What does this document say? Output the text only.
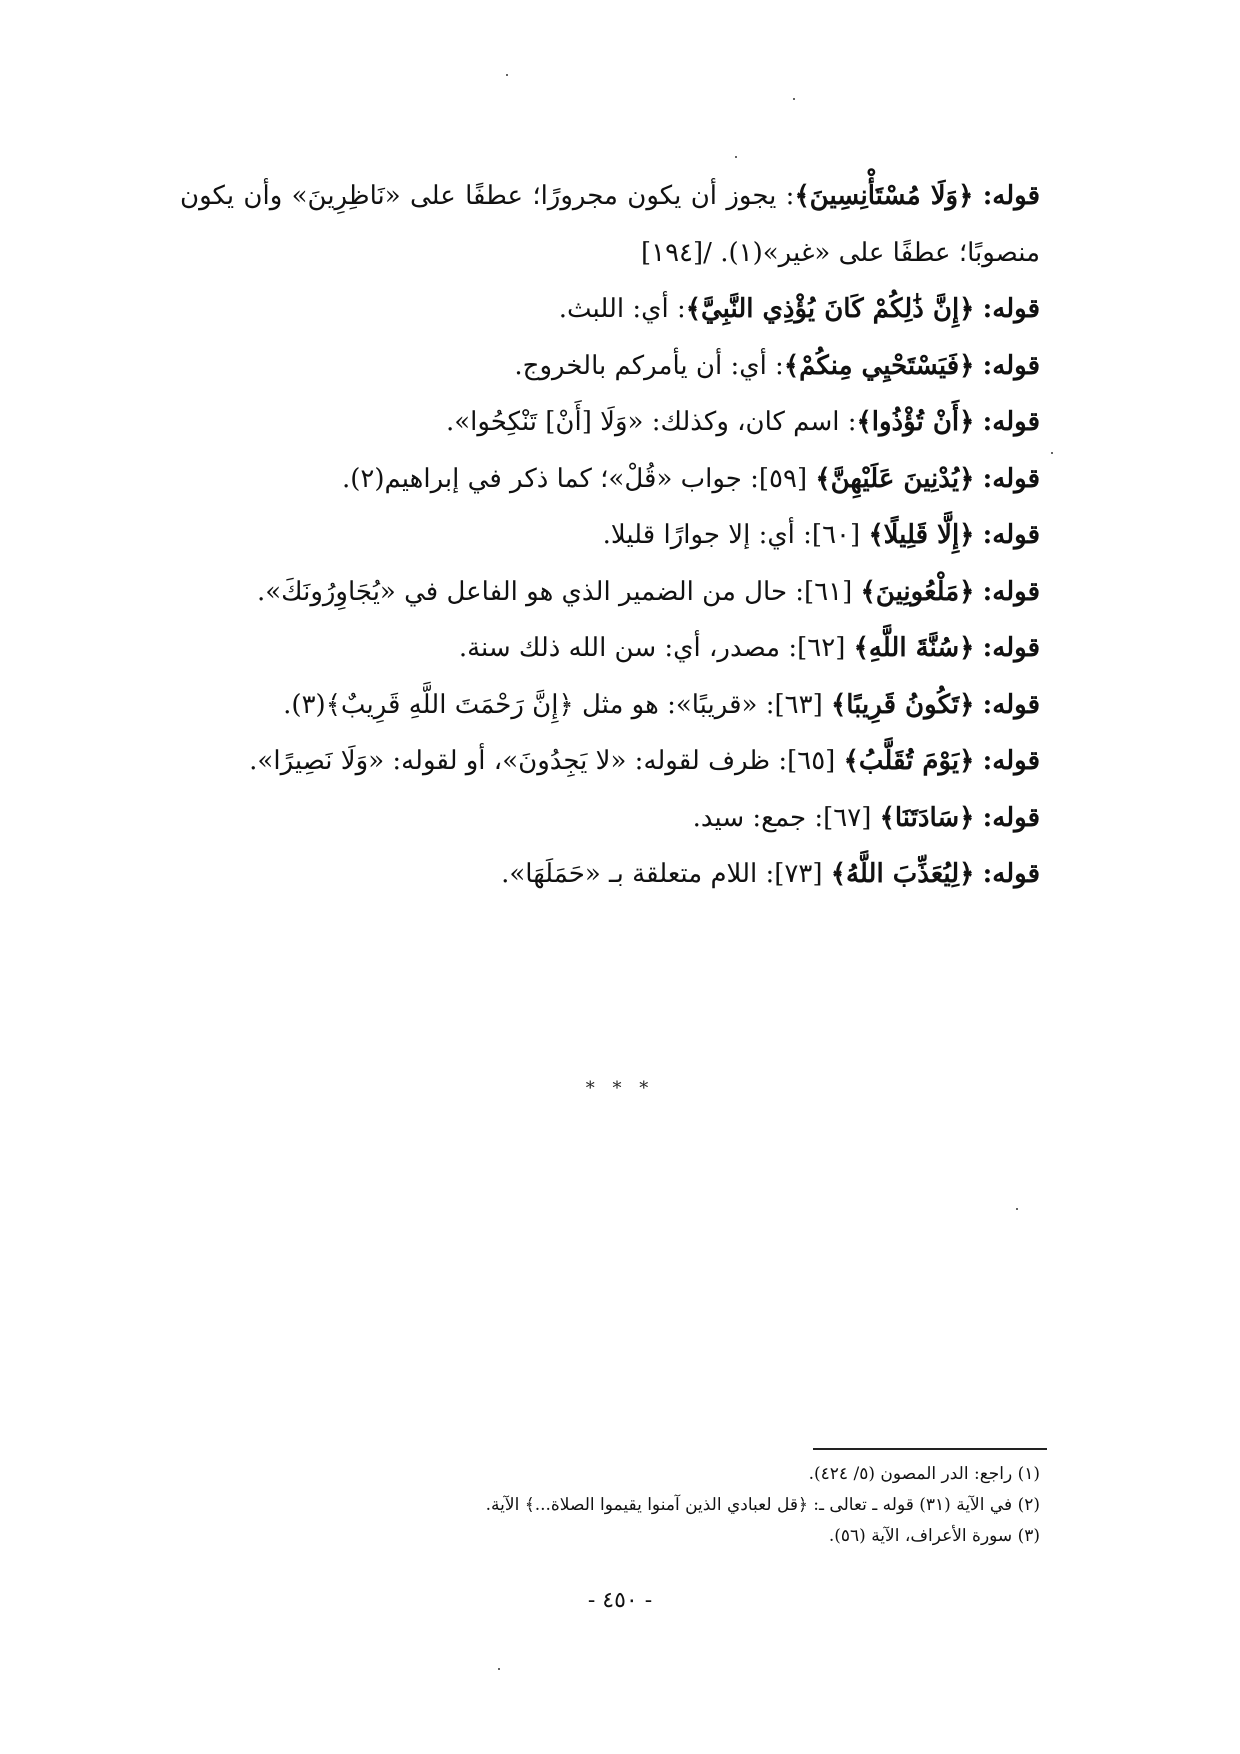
قوله: ﴿وَلَا مُسْتَأْنِسِينَ﴾: يجوز أن يكون مجرورًا؛ عطفًا على «نَاظِرِينَ» وأن يكون منصوبًا؛ عطفًا على «غير»(١). /[١٩٤]

قوله: ﴿إِنَّ ذَٰلِكُمْ كَانَ يُؤْذِي النَّبِيَّ﴾: أي: اللبث.

قوله: ﴿فَيَسْتَحْيِي مِنكُمْ﴾: أي: أن يأمركم بالخروج.

قوله: ﴿أَنْ تُؤْذُوا﴾: اسم كان، وكذلك: «وَلَا [أَنْ] تَنْكِحُوا».

قوله: ﴿يُدْنِينَ عَلَيْهِنَّ﴾ [٥٩]: جواب «قُلْ»؛ كما ذكر في إبراهيم(٢).

قوله: ﴿إِلَّا قَلِيلًا﴾ [٦٠]: أي: إلا جوارًا قليلا.

قوله: ﴿مَلْعُونِينَ﴾ [٦١]: حال من الضمير الذي هو الفاعل في «يُجَاوِرُونَكَ».

قوله: ﴿سُنَّةَ اللَّهِ﴾ [٦٢]: مصدر، أي: سن الله ذلك سنة.

قوله: ﴿تَكُونُ قَرِيبًا﴾ [٦٣]: «قريبًا»: هو مثل ﴿إِنَّ رَحْمَتَ اللَّهِ قَرِيبٌ﴾(٣).

قوله: ﴿يَوْمَ تُقَلَّبُ﴾ [٦٥]: ظرف لقوله: «لا يَجِدُونَ»، أو لقوله: «وَلَا نَصِيرًا».

قوله: ﴿سَادَتَنَا﴾ [٦٧]: جمع: سيد.

قوله: ﴿لِيُعَذِّبَ اللَّهُ﴾ [٧٣]: اللام متعلقة بـ «حَمَلَهَا».

* * *

(١) راجع: الدر المصون (٥/ ٤٢٤).

(٢) في الآية (٣١) قوله ـ تعالى ـ: ﴿قل لعبادي الذين آمنوا يقيموا الصلاة...﴾ الآية.

(٣) سورة الأعراف، الآية (٥٦).

- ٤٥٠ -
